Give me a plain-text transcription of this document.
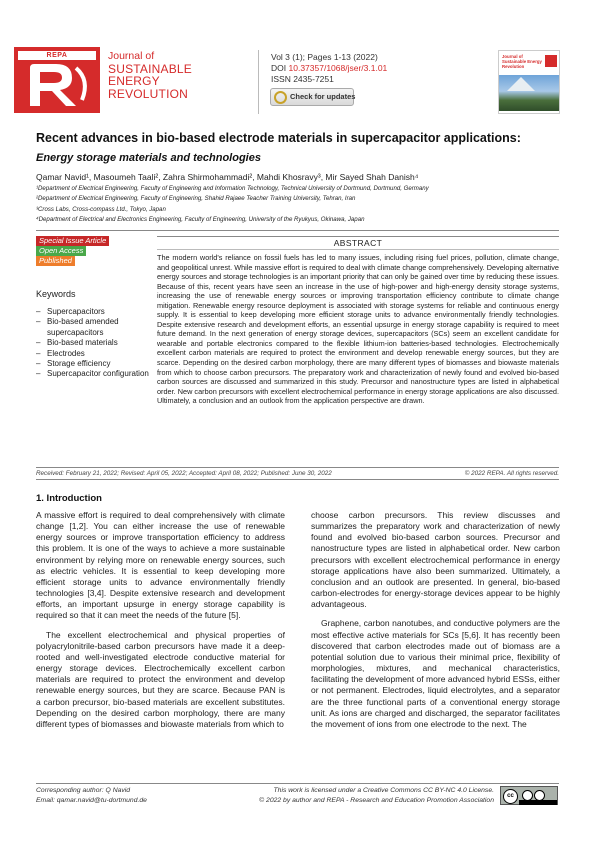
REPA	Journal of
SUSTAINABLE
ENERGY
REVOLUTION
Vol 3 (1); Pages 1-13 (2022)
DOI 10.37357/1068/jser/3.1.01
ISSN 2435-7251
Check for updates
Journal of Sustainable Energy Revolution
Recent advances in bio-based electrode materials in supercapacitor applications:
Energy storage materials and technologies
Qamar Navid¹, Masoumeh Taali², Zahra Shirmohammadi², Mahdi Khosravy³, Mir Sayed Shah Danish⁴
¹Department of Electrical Engineering, Faculty of Engineering and Information Technology, Technical University of Dortmund, Dortmund, Germany
²Department of Electrical Engineering, Faculty of Engineering, Shahid Rajaee Teacher Training University, Tehran, Iran
³Cross Labs, Cross-compass Ltd., Tokyo, Japan
⁴Department of Electrical and Electronics Engineering, Faculty of Engineering, University of the Ryukyus, Okinawa, Japan
Special Issue Article
Open Access
Published
Keywords
– Supercapacitors
– Bio-based amended supercapacitors
– Bio-based materials
– Electrodes
– Storage efficiency
– Supercapacitor configuration
ABSTRACT
The modern world's reliance on fossil fuels has led to many issues, including rising fuel prices, pollution, climate change, and geopolitical unrest. While massive effort is required to deal with climate change comprehensively. Developing alternative energy sources and storage technologies is an important priority that can only be gained over time by reducing these issues. Because of this, recent years have seen an increase in the use of high-power and high-energy density storage systems, increasing the use of renewable energy sources or improving transportation efficiency contribute to climate change mitigation. Renewable energy resource deployment is associated with storage systems for reliable and continuous energy supply. It is essential to keep developing more efficient storage units to advance environmentally friendly technologies. Despite extensive research and development efforts, an essential upsurge in energy storage capability is required to meet future demand. In the next generation of energy storage devices, supercapacitors (SCs) seem an excellent candidate for wearable and portable electronics compared to the flexible lithium-ion batteries-based technologies. Electrochemically excellent carbon materials are required to protect the environment and develop renewable energy sources, but they are scarce. Depending on the desired carbon morphology, there are many different types of biomasses and biowaste materials from which to choose carbon precursors. The preparatory work and characterization of newly found and evolved bio-based carbon sources are discussed and summarized in this study. Precursor and nanostructure types are listed in alphabetical order. New carbon precursors with excellent electrochemical performance in energy storage applications are also discussed. Ultimately, a conclusion and an outlook from the application perspective are drawn.
Received: February 21, 2022; Revised: April 05, 2022; Accepted: April 08, 2022; Published: June 30, 2022	© 2022 REPA. All rights reserved.
1. Introduction

A massive effort is required to deal comprehensively with climate change [1,2]. You can either increase the use of renewable energy sources or improve transportation efficiency to address this problem. It is one of the ways to achieve a more sustainable environment by relying more on renewable energy sources, such as electric vehicles. It is essential to keep developing more efficient storage units to advance environmentally friendly technologies [3,4]. Despite extensive research and development efforts, an important upsurge in energy storage capability is required so that it can meet the needs of the future [5].

The excellent electrochemical and physical properties of polyacrylonitrile-based carbon precursors have made it a deep-rooted and well-investigated electrode conductive material for energy storage devices. Electrochemically excellent carbon materials are required to protect the environment and develop renewable energy sources, but they are scarce. Because PAN is a carbon precursor, bio-based materials are excellent substitutes. Depending on the desired carbon morphology, there are many different types of biomasses and biowaste materials from which to

choose carbon precursors. This review discusses and summarizes the preparatory work and characterization of newly found and evolved bio-based carbon sources. Precursor and nanostructure types are listed in alphabetical order. New carbon precursors with excellent electrochemical performance in energy storage applications have also been summarized. Ultimately, a conclusion and an outlook are presented. In general, bio-based carbon-electrodes for energy-storage devices appear to be highly advantageous.

Graphene, carbon nanotubes, and conductive polymers are the most effective active materials for SCs [5,6]. It has recently been discovered that carbon electrodes made out of biomass are a potential solution due to various their minimal price, flexibility of morphologies, mixtures, and mechanical characteristics, facilitating the development of more advanced hybrid ESSs, either or not permanent. Electrodes, liquid electrolytes, and a separator are the three functional parts of a conventional energy storage unit. As ions are charged and discharged, the separator facilitates the movement of ions from one electrode to the next. The

Corresponding author: Q Navid
Email: qamar.navid@tu-dortmund.de
This work is licensed under a Creative Commons CC BY-NC 4.0 License.
© 2022 by author and REPA - Research and Education Promotion Association
cc
